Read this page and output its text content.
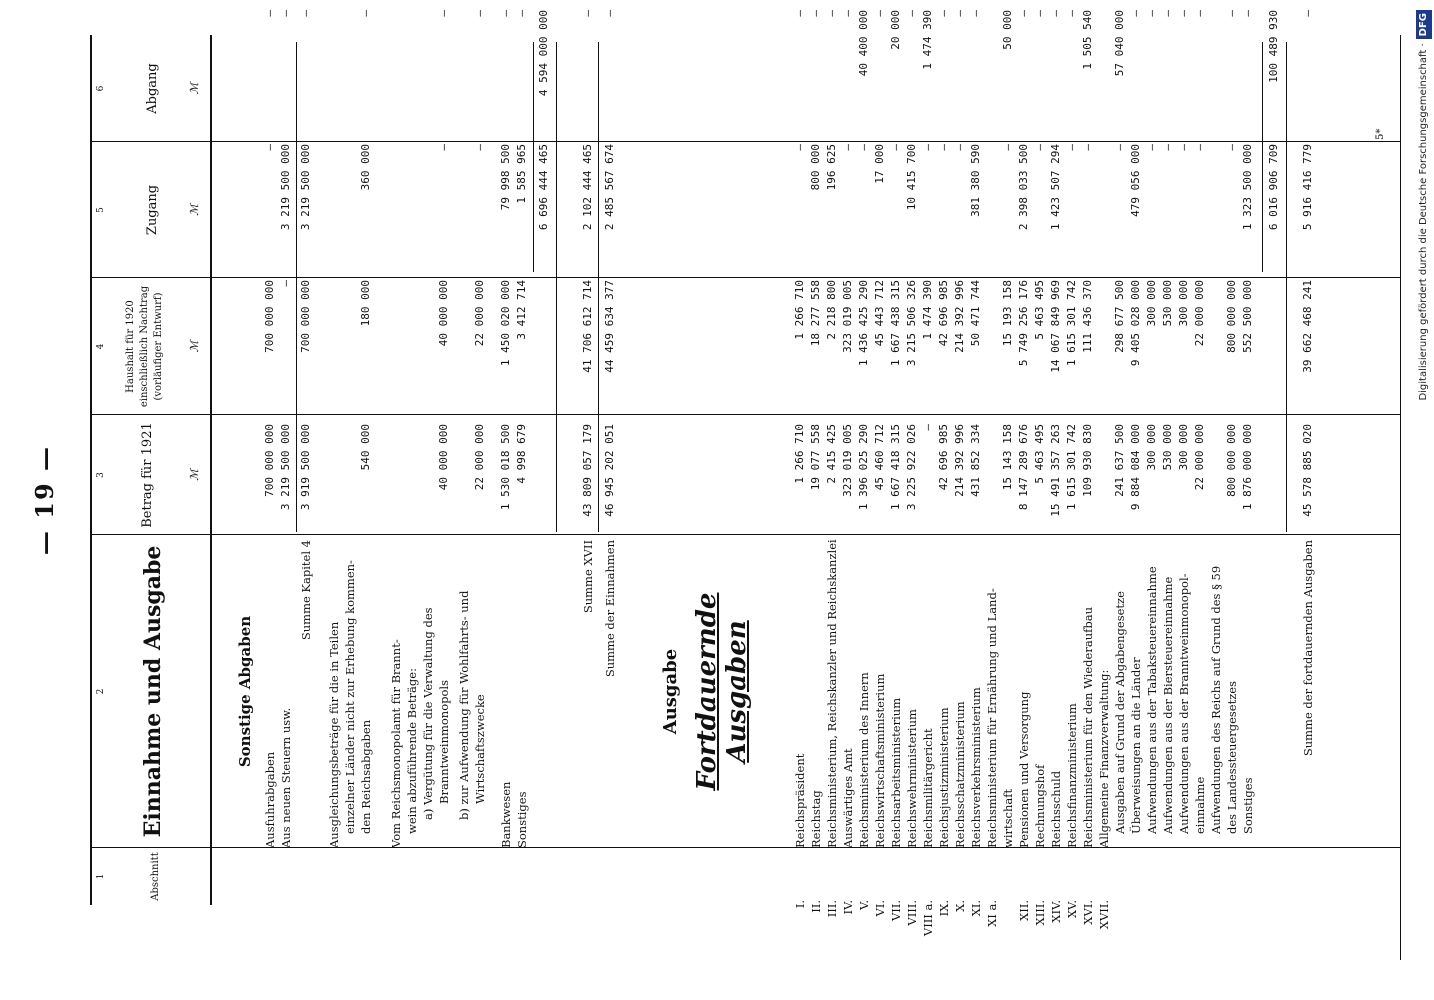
— 19 —
1
2
3
4
5
6
Abschnitt
Einnahme und Ausgabe
Betrag für 1921
Haushalt für 1920 einschließlich Nachtrag (vorläufiger Entwurf)
Zugang
Abgang
ℳ
ℳ
ℳ
ℳ
Sonstige Abgaben
Ausfuhrabgaben
700 000 000
700 000 000
—
—
Aus neuen Steuern usw.
3 219 500 000
—
3 219 500 000
—
Summe Kapitel 4
3 919 500 000
700 000 000
3 219 500 000
—
Ausgleichungsbeträge für die in Teilen einzelner Länder nicht zur Erhebung kommen- den Reichsabgaben
540 000
180 000
360 000
—
Vom Reichsmonopolamt für Brannt- wein abzuführende Beträge: a) Vergütung für die Verwaltung des Branntweinmonopols
40 000 000
40 000 000
—
—
b) zur Aufwendung für Wohlfahrts- und Wirtschaftszwecke
22 000 000
22 000 000
—
—
Bankwesen
1 530 018 500
1 450 020 000
79 998 500
—
Sonstiges
4 998 679
3 412 714
1 585 965
—
6 696 444 465
4 594 000 000
Summe XVII
43 809 057 179
41 706 612 714
2 102 444 465
—
Summe der Einnahmen
46 945 202 051
44 459 634 377
2 485 567 674
—
Ausgabe Fortdauernde Ausgaben
I.
Reichspräsident
1 266 710
1 266 710
—
—
II.
Reichstag
19 077 558
18 277 558
800 000
—
III.
Reichsministerium, Reichskanzler und Reichskanzlei
2 415 425
2 218 800
196 625
—
IV.
Auswärtiges Amt
323 019 005
323 019 005
—
—
V.
Reichsministerium des Innern
1 396 025 290
1 436 425 290
—
40 400 000
VI.
Reichswirtschaftsministerium
45 460 712
45 443 712
17 000
—
VII.
Reichsarbeitsministerium
1 667 418 315
1 667 438 315
—
20 000
VIII.
Reichswehrministerium
3 225 922 026
3 215 506 326
10 415 700
—
VIII a.
Reichsmilitärgericht
—
1 474 390
—
1 474 390
IX.
Reichsjustizministerium
42 696 985
42 696 985
—
—
X.
Reichsschatzministerium
214 392 996
214 392 996
—
—
XI.
Reichsverkehrsministerium
431 852 334
50 471 744
381 380 590
—
XI a.
Reichsministerium für Ernährung und Land- wirtschaft
15 143 158
15 193 158
—
50 000
XII.
Pensionen und Versorgung
8 147 289 676
5 749 256 176
2 398 033 500
—
XIII.
Rechnungshof
5 463 495
5 463 495
—
—
XIV.
Reichsschuld
15 491 357 263
14 067 849 969
1 423 507 294
—
XV.
Reichsfinanzministerium
1 615 301 742
1 615 301 742
—
—
XVI.
Reichsministerium für den Wiederaufbau
109 930 830
111 436 370
—
1 505 540
XVII.
Allgemeine Finanzverwaltung: Ausgaben auf Grund der Abgabengesetze
241 637 500
298 677 500
—
57 040 000
Überweisungen an die Länder
9 884 084 000
9 405 028 000
479 056 000
—
Aufwendungen aus der Tabaksteuereinnahme
300 000
300 000
—
—
Aufwendungen aus der Biersteuereinnahme
530 000
530 000
—
—
Aufwendungen aus der Branntweinmonopol-
300 000
300 000
—
—
einnahme
22 000 000
22 000 000
—
—
Aufwendungen des Reichs auf Grund des § 59 des Landessteuergesetzes
800 000 000
800 000 000
—
—
Sonstiges
1 876 000 000
552 500 000
1 323 500 000
—
6 016 906 709
100 489 930
Summe der fortdauernden Ausgaben
45 578 885 020
39 662 468 241
5 916 416 779
—
5*	Digitalisierung gefördert durch die Deutsche Forschungsgemeinschaft ·DFG
